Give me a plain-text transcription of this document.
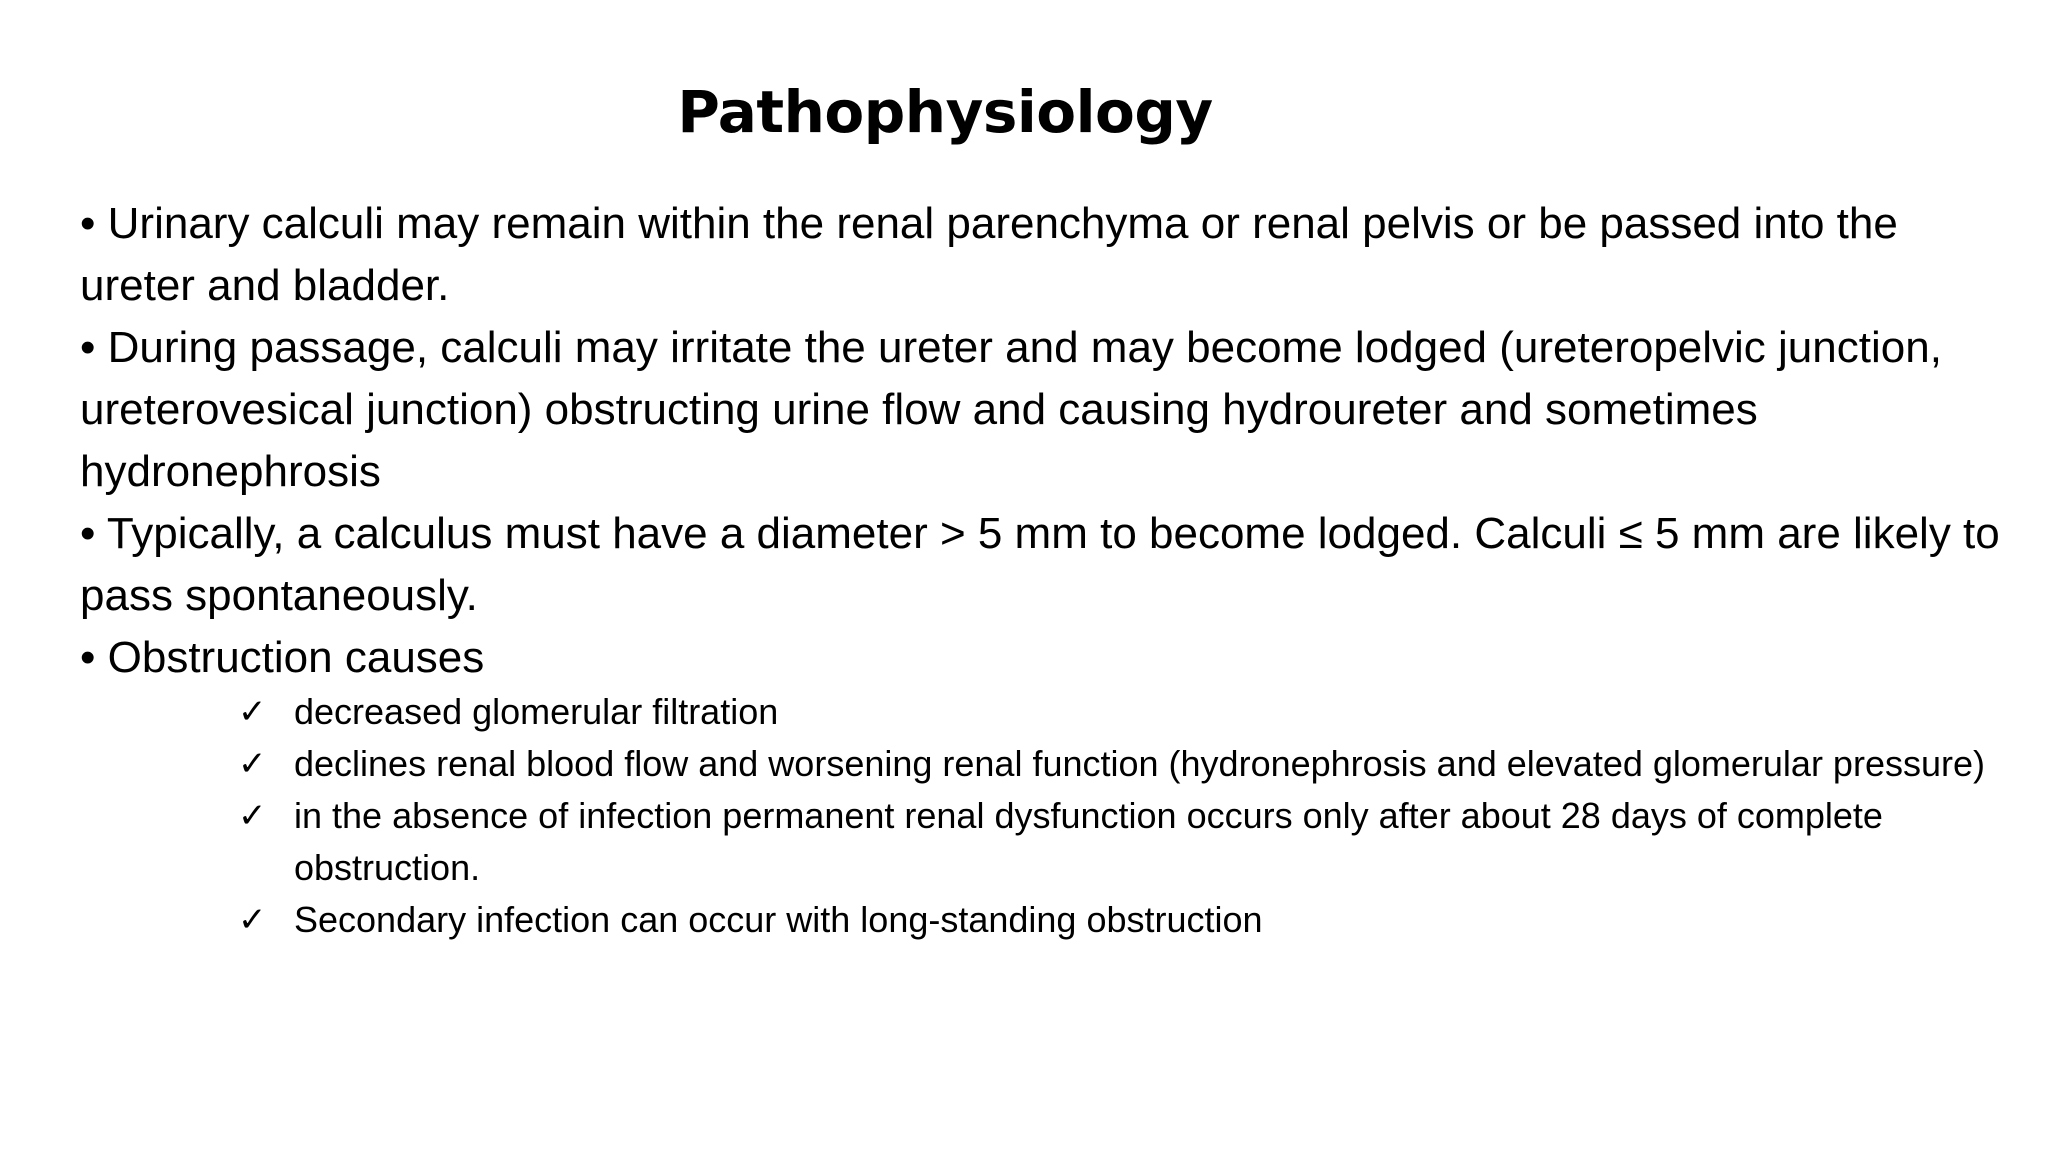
Pathophysiology
• Urinary calculi may remain within the renal parenchyma or renal pelvis or be passed into the ureter and bladder.
• During passage, calculi may irritate the ureter and may become lodged (ureteropelvic junction, ureterovesical junction) obstructing urine flow and causing hydroureter and sometimes hydronephrosis
• Typically, a calculus must have a diameter > 5 mm to become lodged. Calculi ≤ 5 mm are likely to pass spontaneously.
• Obstruction causes
✓ decreased glomerular filtration
✓ declines renal blood flow and worsening renal function (hydronephrosis and elevated glomerular pressure)
✓ in the absence of infection permanent renal dysfunction occurs only after about 28 days of complete obstruction.
✓ Secondary infection can occur with long-standing obstruction
